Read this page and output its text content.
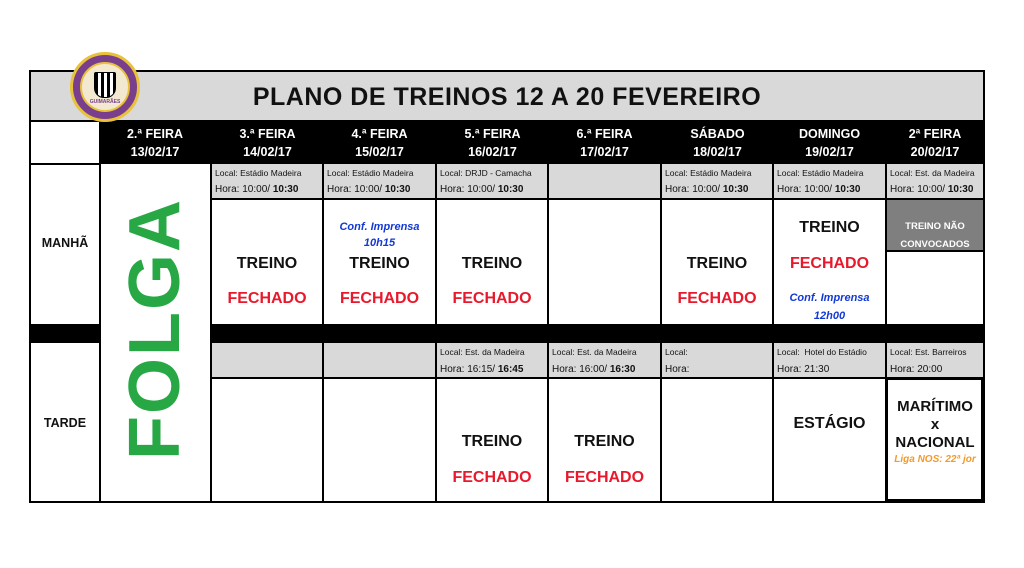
PLANO DE TREINOS 12 A 20 FEVEREIRO
GUIMARÃES
2.ª FEIRA
13/02/17
3.ª FEIRA
14/02/17
4.ª FEIRA
15/02/17
5.ª FEIRA
16/02/17
6.ª FEIRA
17/02/17
SÁBADO
18/02/17
DOMINGO
19/02/17
2ª FEIRA
20/02/17
MANHÃ
TARDE FOLGA
Local: Estádio Madeira
Hora: 10:00/ 10:30
Local: Estádio Madeira
Hora: 10:00/ 10:30
Local: DRJD - Camacha
Hora: 10:00/ 10:30
Local: Estádio Madeira
Hora: 10:00/ 10:30
Local: Estádio Madeira
Hora: 10:00/ 10:30
Local: Est. da Madeira
Hora: 10:00/ 10:30
TREINO
FECHADO
Conf. Imprensa
10h15
TREINO
FECHADO
TREINO
FECHADO
TREINO
FECHADO
TREINO
FECHADO
Conf. Imprensa
12h00
TREINO NÃO
CONVOCADOS
Local: Est. da Madeira
Hora: 16:15/ 16:45
Local: Est. da Madeira
Hora: 16:00/ 16:30
Local:
Hora:
Local: Hotel do Estádio
Hora: 21:30
Local: Est. Barreiros
Hora: 20:00
TREINO
FECHADO
TREINO
FECHADO
ESTÁGIO
MARÍTIMO
x
NACIONAL
Liga NOS: 22ª jor
